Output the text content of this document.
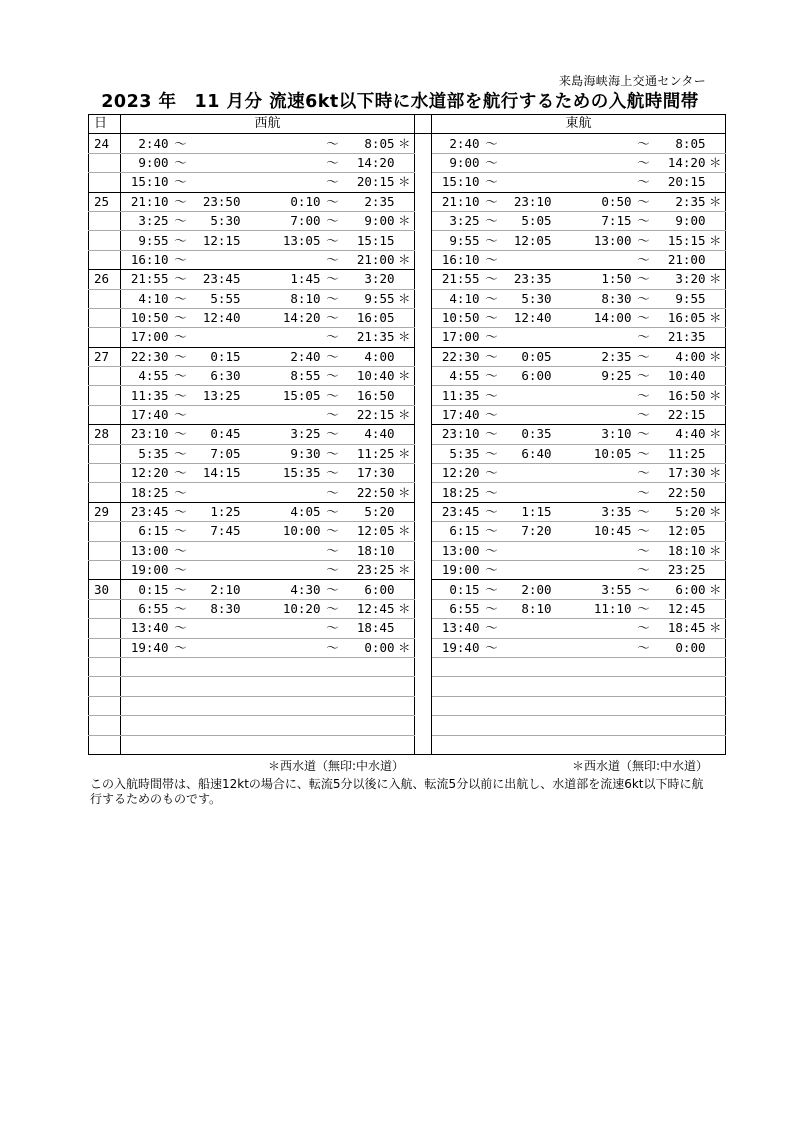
来島海峡海上交通センター
2023 年　11 月分 流速6kt以下時に水道部を航行するための入航時間帯
日	西航								東航						
24	2:40	～			～	8:05	＊		2:40	～			～	8:05	
	9:00	～			～	14:20			9:00	～			～	14:20	＊
	15:10	～			～	20:15	＊		15:10	～			～	20:15	
25	21:10	～	23:50	0:10	～	2:35			21:10	～	23:10	0:50	～	2:35	＊
	3:25	～	5:30	7:00	～	9:00	＊		3:25	～	5:05	7:15	～	9:00	
	9:55	～	12:15	13:05	～	15:15			9:55	～	12:05	13:00	～	15:15	＊
	16:10	～			～	21:00	＊		16:10	～			～	21:00	
26	21:55	～	23:45	1:45	～	3:20			21:55	～	23:35	1:50	～	3:20	＊
	4:10	～	5:55	8:10	～	9:55	＊		4:10	～	5:30	8:30	～	9:55	
	10:50	～	12:40	14:20	～	16:05			10:50	～	12:40	14:00	～	16:05	＊
	17:00	～			～	21:35	＊		17:00	～			～	21:35	
27	22:30	～	0:15	2:40	～	4:00			22:30	～	0:05	2:35	～	4:00	＊
	4:55	～	6:30	8:55	～	10:40	＊		4:55	～	6:00	9:25	～	10:40	
	11:35	～	13:25	15:05	～	16:50			11:35	～			～	16:50	＊
	17:40	～			～	22:15	＊		17:40	～			～	22:15	
28	23:10	～	0:45	3:25	～	4:40			23:10	～	0:35	3:10	～	4:40	＊
	5:35	～	7:05	9:30	～	11:25	＊		5:35	～	6:40	10:05	～	11:25	
	12:20	～	14:15	15:35	～	17:30			12:20	～			～	17:30	＊
	18:25	～			～	22:50	＊		18:25	～			～	22:50	
29	23:45	～	1:25	4:05	～	5:20			23:45	～	1:15	3:35	～	5:20	＊
	6:15	～	7:45	10:00	～	12:05	＊		6:15	～	7:20	10:45	～	12:05	
	13:00	～			～	18:10			13:00	～			～	18:10	＊
	19:00	～			～	23:25	＊		19:00	～			～	23:25	
30	0:15	～	2:10	4:30	～	6:00			0:15	～	2:00	3:55	～	6:00	＊
	6:55	～	8:30	10:20	～	12:45	＊		6:55	～	8:10	11:10	～	12:45	
	13:40	～			～	18:45			13:40	～			～	18:45	＊
	19:40	～			～	0:00	＊		19:40	～			～	0:00	

＊西水道（無印:中水道）	＊西水道（無印:中水道）
この入航時間帯は、船速12ktの場合に、転流5分以後に入航、転流5分以前に出航し、水道部を流速6kt以下時に航行するためのものです。
